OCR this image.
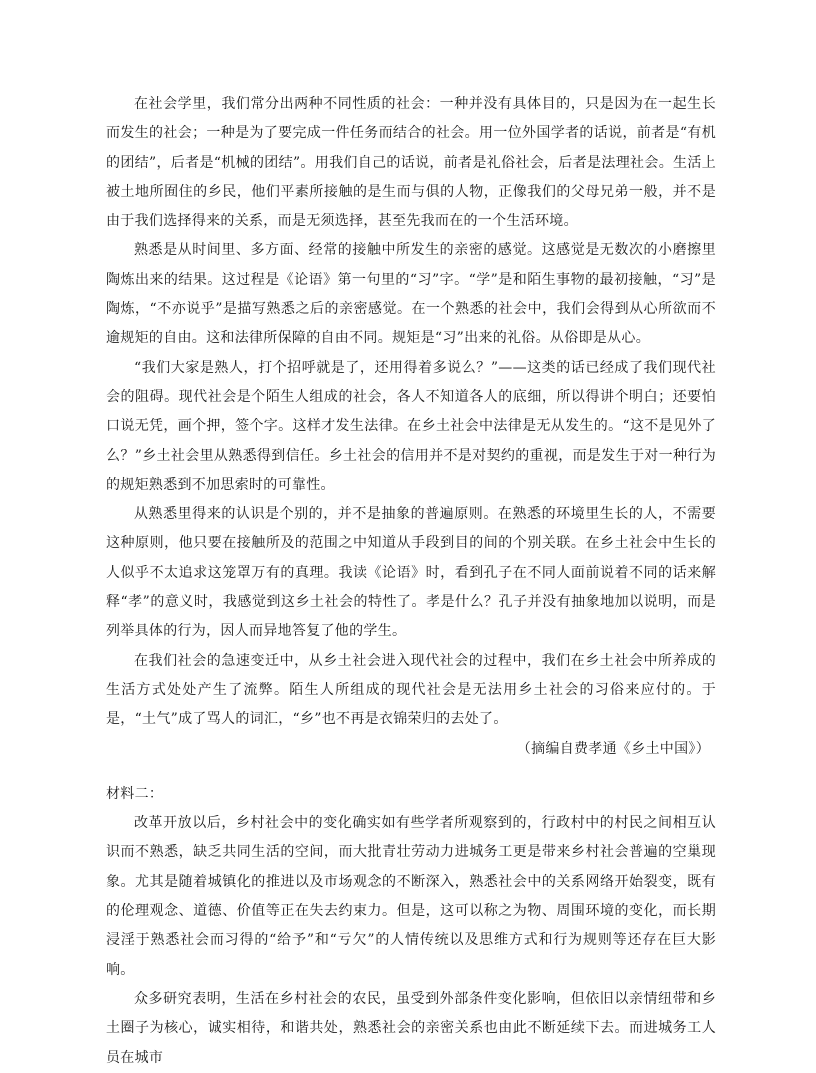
在社会学里，我们常分出两种不同性质的社会：一种并没有具体目的，只是因为在一起生长而发生的社会；一种是为了要完成一件任务而结合的社会。用一位外国学者的话说，前者是“有机的团结”，后者是“机械的团结”。用我们自己的话说，前者是礼俗社会，后者是法理社会。生活上被土地所囿住的乡民，他们平素所接触的是生而与俱的人物，正像我们的父母兄弟一般，并不是由于我们选择得来的关系，而是无须选择，甚至先我而在的一个生活环境。

熟悉是从时间里、多方面、经常的接触中所发生的亲密的感觉。这感觉是无数次的小磨擦里陶炼出来的结果。这过程是《论语》第一句里的“习”字。“学”是和陌生事物的最初接触，“习”是陶炼，“不亦说乎”是描写熟悉之后的亲密感觉。在一个熟悉的社会中，我们会得到从心所欲而不逾规矩的自由。这和法律所保障的自由不同。规矩是“习”出来的礼俗。从俗即是从心。

“我们大家是熟人，打个招呼就是了，还用得着多说么？”——这类的话已经成了我们现代社会的阻碍。现代社会是个陌生人组成的社会，各人不知道各人的底细，所以得讲个明白；还要怕口说无凭，画个押，签个字。这样才发生法律。在乡土社会中法律是无从发生的。“这不是见外了么？”乡土社会里从熟悉得到信任。乡土社会的信用并不是对契约的重视，而是发生于对一种行为的规矩熟悉到不加思索时的可靠性。

从熟悉里得来的认识是个别的，并不是抽象的普遍原则。在熟悉的环境里生长的人，不需要这种原则，他只要在接触所及的范围之中知道从手段到目的间的个别关联。在乡土社会中生长的人似乎不太追求这笼罩万有的真理。我读《论语》时，看到孔子在不同人面前说着不同的话来解释“孝”的意义时，我感觉到这乡土社会的特性了。孝是什么？孔子并没有抽象地加以说明，而是列举具体的行为，因人而异地答复了他的学生。

在我们社会的急速变迁中，从乡土社会进入现代社会的过程中，我们在乡土社会中所养成的生活方式处处产生了流弊。陌生人所组成的现代社会是无法用乡土社会的习俗来应付的。于是，“土气”成了骂人的词汇，“乡”也不再是衣锦荣归的去处了。

（摘编自费孝通《乡土中国》）

材料二：

改革开放以后，乡村社会中的变化确实如有些学者所观察到的，行政村中的村民之间相互认识而不熟悉，缺乏共同生活的空间，而大批青壮劳动力进城务工更是带来乡村社会普遍的空巢现象。尤其是随着城镇化的推进以及市场观念的不断深入，熟悉社会中的关系网络开始裂变，既有的伦理观念、道德、价值等正在失去约束力。但是，这可以称之为物、周围环境的变化，而长期浸淫于熟悉社会而习得的“给予”和“亏欠”的人情传统以及思维方式和行为规则等还存在巨大影响。

众多研究表明，生活在乡村社会的农民，虽受到外部条件变化影响，但依旧以亲情纽带和乡土圈子为核心，诚实相待，和谐共处，熟悉社会的亲密关系也由此不断延续下去。而进城务工人员在城市
